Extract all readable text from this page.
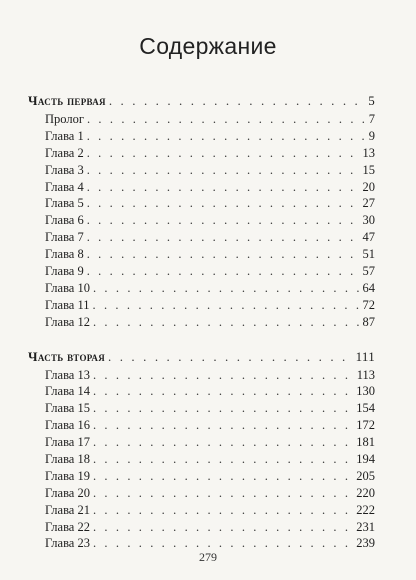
Содержание
Часть первая . . .	5
Пролог . . .	7
Глава 1 . . .	9
Глава 2 . . .	13
Глава 3 . . .	15
Глава 4 . . .	20
Глава 5 . . .	27
Глава 6 . . .	30
Глава 7 . . .	47
Глава 8 . . .	51
Глава 9 . . .	57
Глава 10 . . .	64
Глава 11 . . .	72
Глава 12 . . .	87
Часть вторая . . .	111
Глава 13 . . .	113
Глава 14 . . .	130
Глава 15 . . .	154
Глава 16 . . .	172
Глава 17 . . .	181
Глава 18 . . .	194
Глава 19 . . .	205
Глава 20 . . .	220
Глава 21 . . .	222
Глава 22 . . .	231
Глава 23 . . .	239
279
